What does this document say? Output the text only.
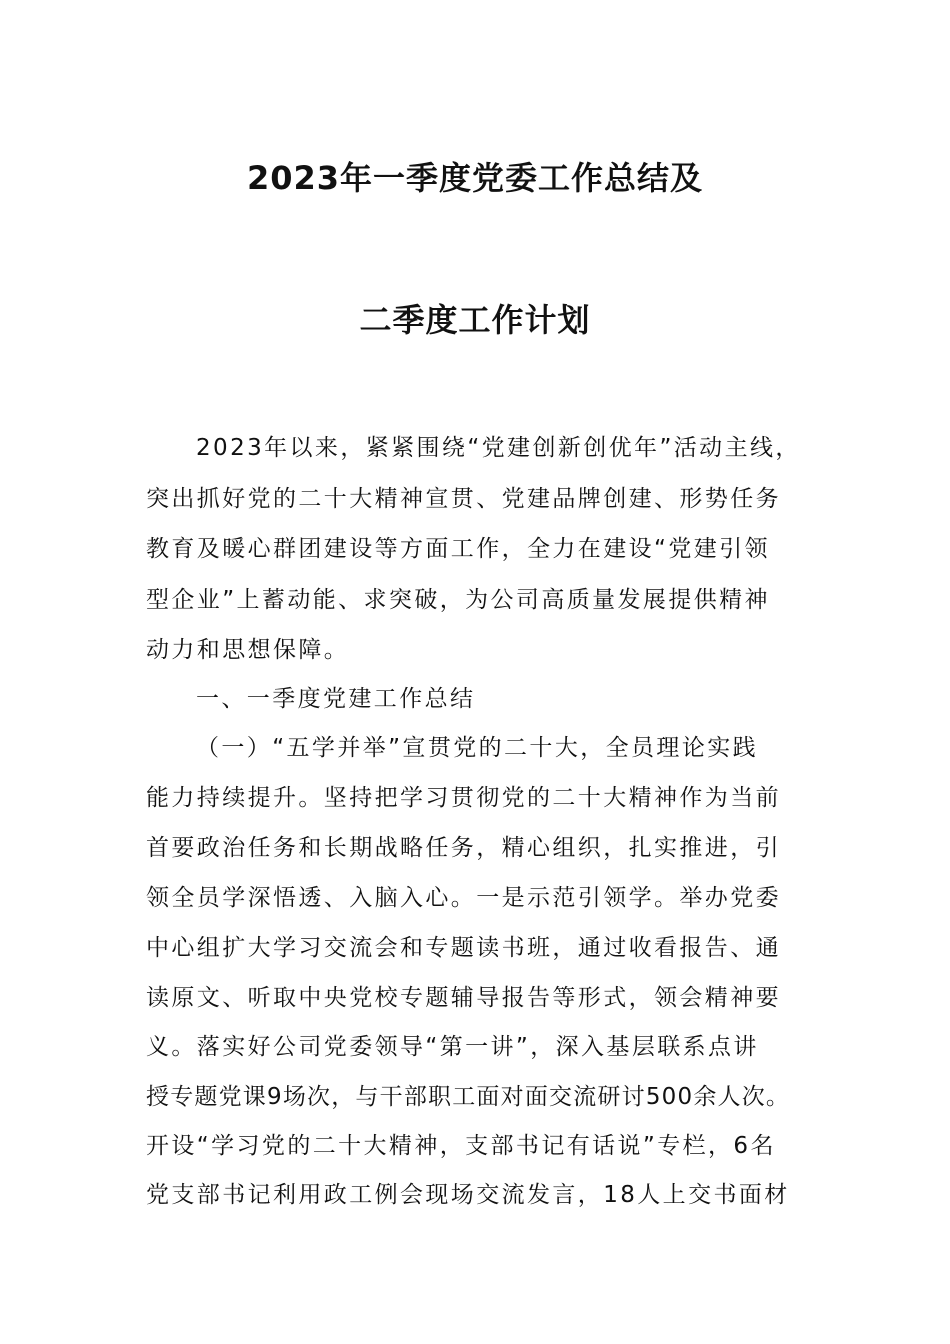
2023年一季度党委工作总结及
二季度工作计划
2023年以来，紧紧围绕“党建创新创优年”活动主线，
突出抓好党的二十大精神宣贯、党建品牌创建、形势任务
教育及暖心群团建设等方面工作，全力在建设“党建引领
型企业”上蓄动能、求突破，为公司高质量发展提供精神
动力和思想保障。
一、一季度党建工作总结
（一）“五学并举”宣贯党的二十大，全员理论实践
能力持续提升。坚持把学习贯彻党的二十大精神作为当前
首要政治任务和长期战略任务，精心组织，扎实推进，引
领全员学深悟透、入脑入心。一是示范引领学。举办党委
中心组扩大学习交流会和专题读书班，通过收看报告、通
读原文、听取中央党校专题辅导报告等形式，领会精神要
义。落实好公司党委领导“第一讲”，深入基层联系点讲
授专题党课9场次，与干部职工面对面交流研讨500余人次。
开设“学习党的二十大精神，支部书记有话说”专栏，6名
党支部书记利用政工例会现场交流发言，18人上交书面材
